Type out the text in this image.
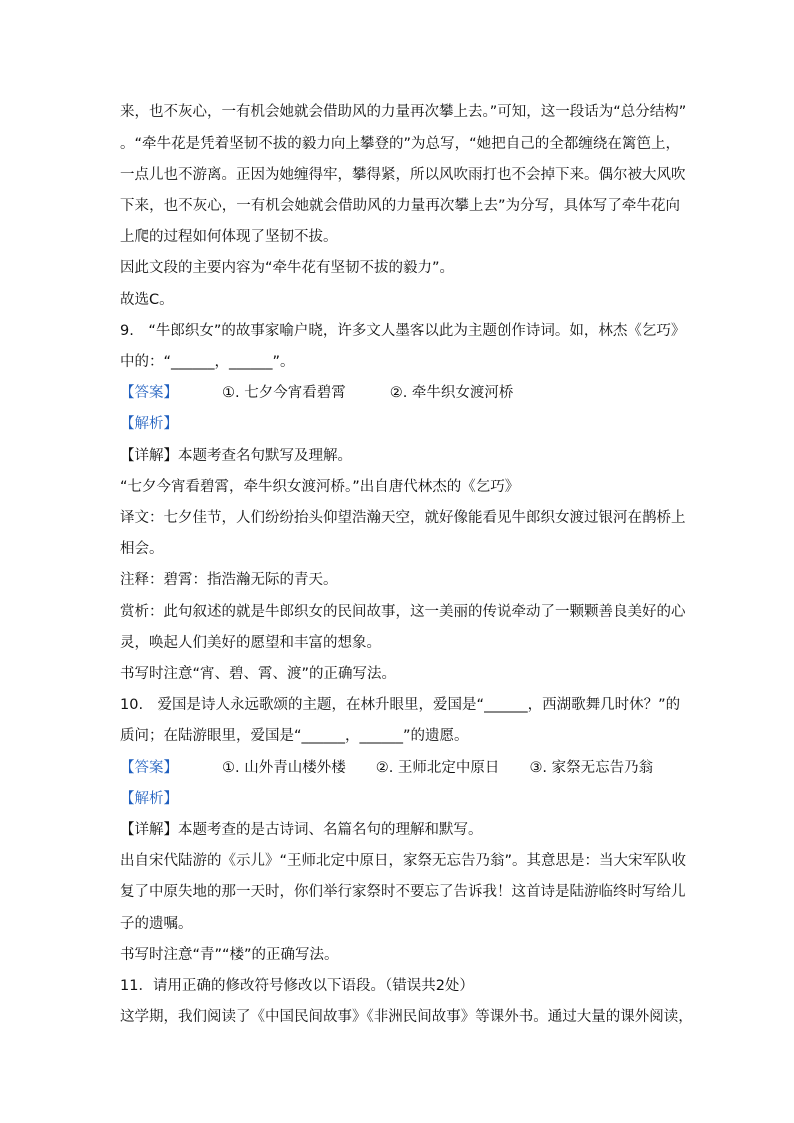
来，也不灰心，一有机会她就会借助风的力量再次攀上去。”可知，这一段话为“总分结构”
。“牵牛花是凭着坚韧不拔的毅力向上攀登的”为总写，“她把自己的全都缠绕在篱笆上，
一点儿也不游离。正因为她缠得牢，攀得紧，所以风吹雨打也不会掉下来。偶尔被大风吹
下来，也不灰心，一有机会她就会借助风的力量再次攀上去”为分写，具体写了牵牛花向
上爬的过程如何体现了坚韧不拔。
因此文段的主要内容为“牵牛花有坚韧不拔的毅力”。
故选C。
9.　“牛郎织女”的故事家喻户晓，许多文人墨客以此为主题创作诗词。如，林杰《乞巧》
中的：“______，______”。
【答案】	①. 七夕今宵看碧霄	②. 牵牛织女渡河桥
【解析】
【详解】本题考查名句默写及理解。
“七夕今宵看碧霄，牵牛织女渡河桥。”出自唐代林杰的《乞巧》
译文：七夕佳节，人们纷纷抬头仰望浩瀚天空，就好像能看见牛郎织女渡过银河在鹊桥上
相会。
注释：碧霄：指浩瀚无际的青天。
赏析：此句叙述的就是牛郎织女的民间故事，这一美丽的传说牵动了一颗颗善良美好的心
灵，唤起人们美好的愿望和丰富的想象。
书写时注意“宵、碧、霄、渡”的正确写法。
10.　爱国是诗人永远歌颂的主题，在林升眼里，爱国是“______，西湖歌舞几时休？”的
质问；在陆游眼里，爱国是“______，______”的遗愿。
【答案】	①. 山外青山楼外楼 ②. 王师北定中原日 ③. 家祭无忘告乃翁
【解析】
【详解】本题考查的是古诗词、名篇名句的理解和默写。
出自宋代陆游的《示儿》“王师北定中原日，家祭无忘告乃翁”。其意思是：当大宋军队收
复了中原失地的那一天时，你们举行家祭时不要忘了告诉我！这首诗是陆游临终时写给儿
子的遗嘱。
书写时注意“青”“楼”的正确写法。
11．请用正确的修改符号修改以下语段。（错误共2处）
这学期，我们阅读了《中国民间故事》《非洲民间故事》等课外书。通过大量的课外阅读，
